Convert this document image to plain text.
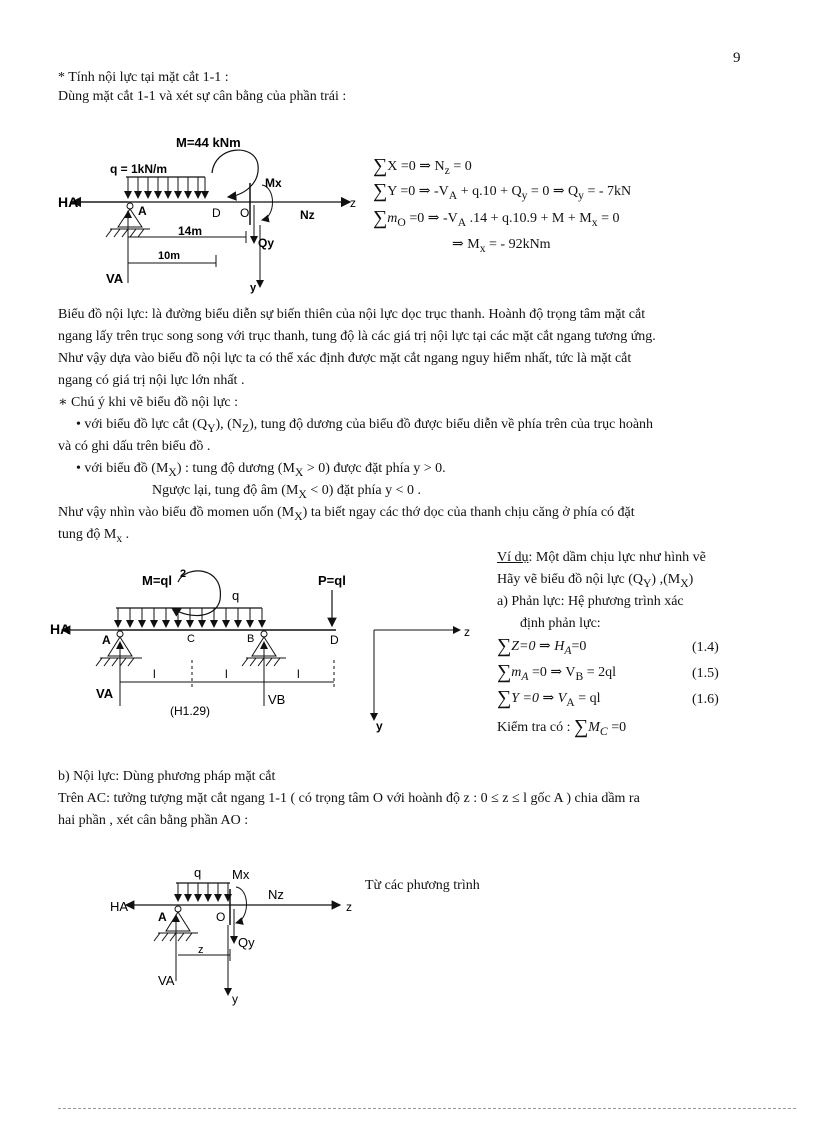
9
* Tính nội lực tại mặt cắt 1-1 :
Dùng mặt cắt 1-1 và xét sự cân bằng của phần trái :
M=44 kNm
q = 1kN/m
HA	z
A	D O
Mx
Nz
Qy
14m
10m
VA
y
∑X =0 ⇒ $N_z = 0$
∑Y =0 ⇒ $-V_A + q.10 + Q_y = 0$ ⇒ $Q_y$ = - 7kN
$\sum m_O =0$ ⇒ $-V_A$ $.14 + q.10.9 + M + M_x = 0$
⇒ $M_x$ = - 92kNm
Biểu đồ nội lực: là đường biểu diễn sự biến thiên của nội lực dọc trục thanh. Hoành độ trọng tâm mặt cắt
ngang lấy trên trục song song với trục thanh, tung độ là các giá trị nội lực tại các mặt cắt ngang tương ứng.
Như vậy dựa vào biểu đồ nội lực ta có thể xác định được mặt cắt ngang nguy hiểm nhất, tức là mặt cắt
ngang có giá trị nội lực lớn nhất .
∗ Chú ý khi vẽ biểu đồ nội lực :
• với biểu đồ lực cắt $(Q_Y)$, $(N_Z)$, tung độ dương của biểu đồ được biểu diễn về phía trên của trục hoành
và có ghi dấu trên biểu đồ .
• với biểu đồ $(M_X)$ : tung độ dương $(M_X > 0)$ được đặt phía y > 0.
Ngược lại, tung độ âm $(M_X < 0)$ đặt phía y < 0 .
Như vậy nhìn vào biểu đồ momen uốn $(M_X)$ ta biết ngay các thớ dọc của thanh chịu căng ở phía có đặt
tung độ $M_x$ .
M=ql 2
q
P=ql
HA
A	C	B	D
l	l	l
VA	VB
(H1.29)
z
y
Ví dụ: Một dầm chịu lực như hình vẽ
Hãy vẽ biểu đồ nội lực $(Q_Y)$ $,(M_X)$
a) Phản lực: Hệ phương trình xác
định phản lực:
∑Z=0 ⇒ $H_A=0$	(1.4)
$\sum m_A =0$ ⇒ $V_B = 2ql$	(1.5)
∑Y =0 ⇒ $V_A$ = ql	(1.6)
Kiểm tra có : $\sum M_C =0$
b) Nội lực: Dùng phương pháp mặt cắt
Trên AC: tưởng tượng mặt cắt ngang 1-1 ( có trọng tâm O với hoành độ z : 0 ≤ z ≤ l gốc A ) chia dầm ra
hai phần , xét cân bằng phần AO :
q Mx
HA
A	O
Nz
z
Qy
z
VA
y
Từ các phương trình
